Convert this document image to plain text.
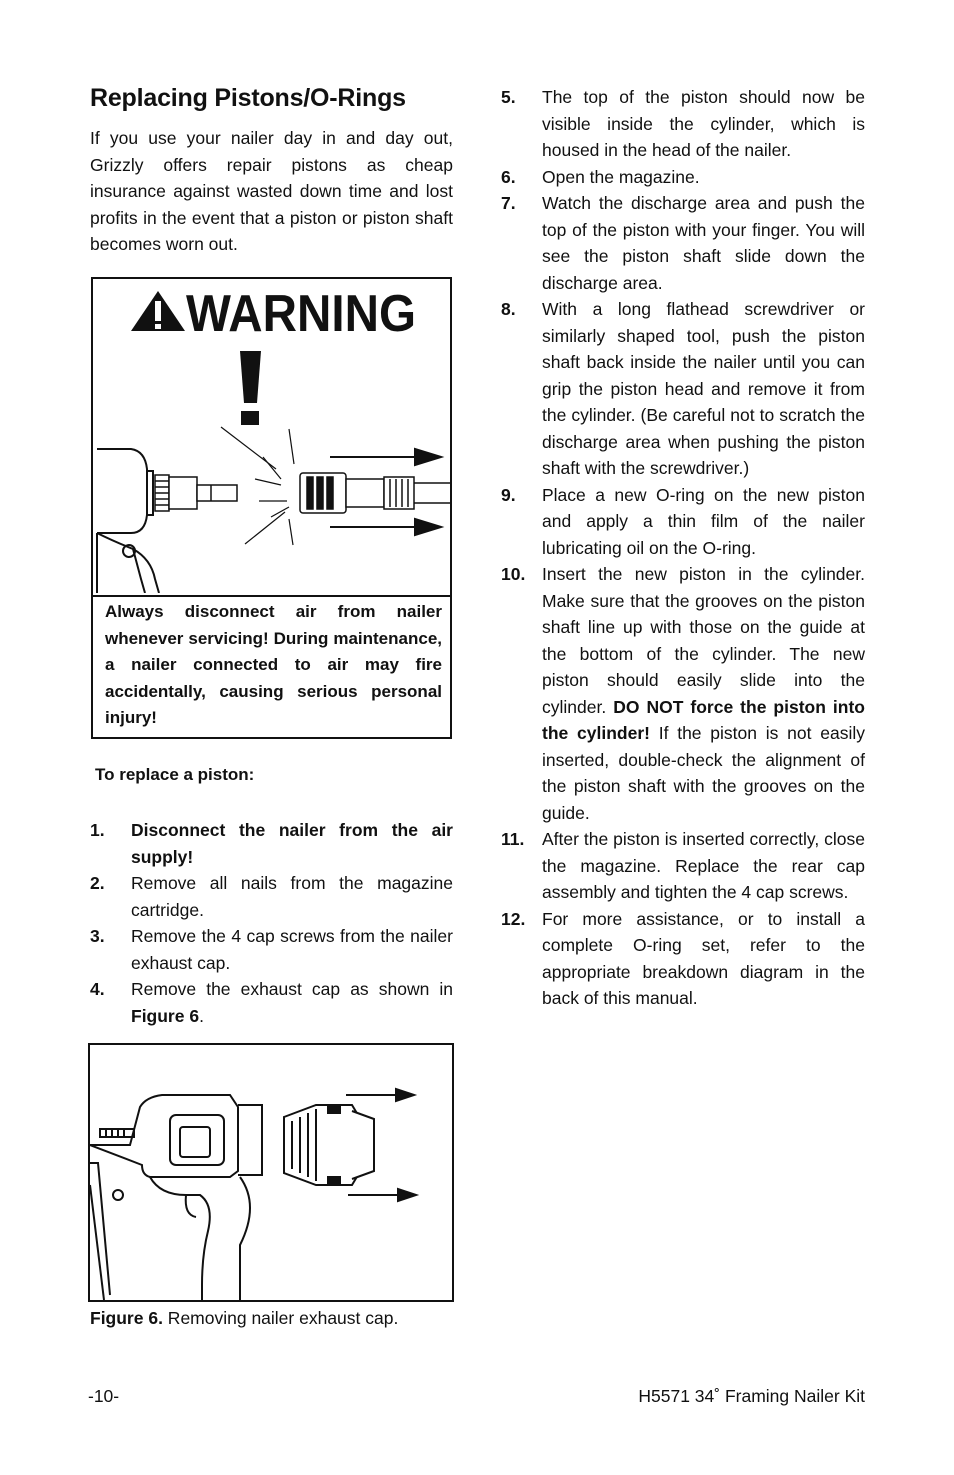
Replacing Pistons/O-Rings

If you use your nailer day in and day out, Grizzly offers repair pistons as cheap insurance against wasted down time and lost profits in the event that a piston or piston shaft becomes worn out.

WARNING
Always disconnect air from nailer whenever servicing! During maintenance, a nailer connected to air may fire accidentally, causing serious personal injury!
To replace a piston:
1. Disconnect the nailer from the air supply!
2. Remove all nails from the magazine cartridge.
3. Remove the 4 cap screws from the nailer exhaust cap.
4. Remove the exhaust cap as shown in Figure 6.
Figure 6. Removing nailer exhaust cap.
5. The top of the piston should now be visible inside the cylinder, which is housed in the head of the nailer.
6. Open the magazine.
7. Watch the discharge area and push the top of the piston with your finger. You will see the piston shaft slide down the discharge area.
8. With a long flathead screwdriver or similarly shaped tool, push the piston shaft back inside the nailer until you can grip the piston head and remove it from the cylinder. (Be careful not to scratch the discharge area when pushing the piston shaft with the screwdriver.)
9. Place a new O-ring on the new piston and apply a thin film of the nailer lubricating oil on the O-ring.
10. Insert the new piston in the cylinder. Make sure that the grooves on the piston shaft line up with those on the guide at the bottom of the cylinder. The new piston should easily slide into the cylinder. DO NOT force the piston into the cylinder! If the piston is not easily inserted, double-check the alignment of the piston shaft with the grooves on the guide.
11. After the piston is inserted correctly, close the magazine. Replace the rear cap assembly and tighten the 4 cap screws.
12. For more assistance, or to install a complete O-ring set, refer to the appropriate breakdown diagram in the back of this manual.
-10-	H5571 34˚ Framing Nailer Kit
